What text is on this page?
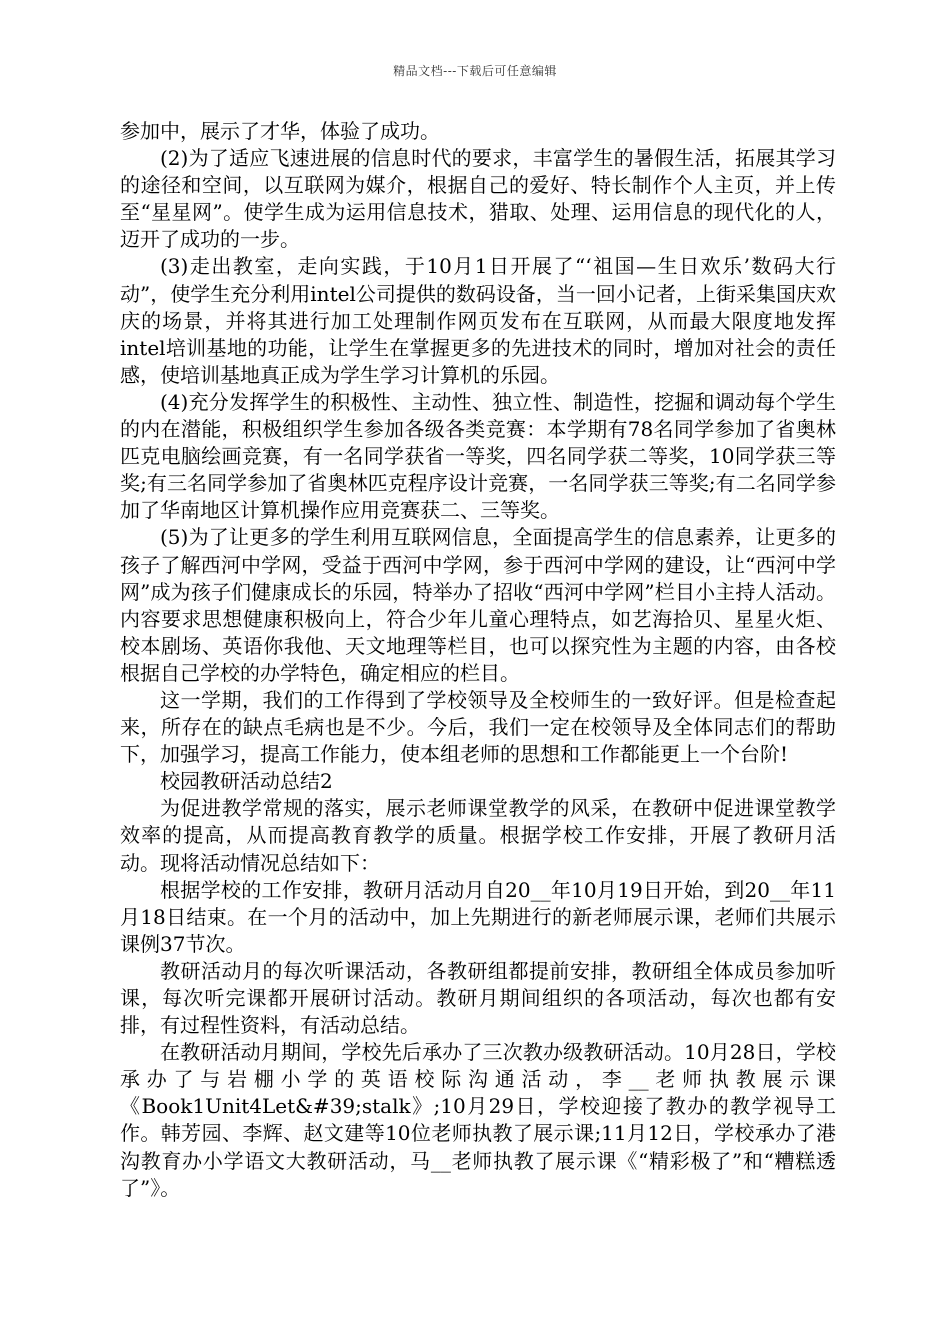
精品文档---下载后可任意编辑

参加中，展示了才华，体验了成功。

(2)为了适应飞速进展的信息时代的要求，丰富学生的暑假生活，拓展其学习的途径和空间，以互联网为媒介，根据自己的爱好、特长制作个人主页，并上传至“星星网”。使学生成为运用信息技术，猎取、处理、运用信息的现代化的人，迈开了成功的一步。

(3)走出教室，走向实践，于10月1日开展了“‘祖国—生日欢乐’数码大行动”，使学生充分利用intel公司提供的数码设备，当一回小记者，上街采集国庆欢庆的场景，并将其进行加工处理制作网页发布在互联网，从而最大限度地发挥intel培训基地的功能，让学生在掌握更多的先进技术的同时，增加对社会的责任感，使培训基地真正成为学生学习计算机的乐园。

(4)充分发挥学生的积极性、主动性、独立性、制造性，挖掘和调动每个学生的内在潜能，积极组织学生参加各级各类竞赛：本学期有78名同学参加了省奥林匹克电脑绘画竞赛，有一名同学获省一等奖，四名同学获二等奖，10同学获三等奖;有三名同学参加了省奥林匹克程序设计竞赛，一名同学获三等奖;有二名同学参加了华南地区计算机操作应用竞赛获二、三等奖。

(5)为了让更多的学生利用互联网信息，全面提高学生的信息素养，让更多的孩子了解西河中学网，受益于西河中学网，参于西河中学网的建设，让“西河中学网”成为孩子们健康成长的乐园，特举办了招收“西河中学网”栏目小主持人活动。内容要求思想健康积极向上，符合少年儿童心理特点，如艺海拾贝、星星火炬、校本剧场、英语你我他、天文地理等栏目，也可以探究性为主题的内容，由各校根据自己学校的办学特色，确定相应的栏目。

这一学期，我们的工作得到了学校领导及全校师生的一致好评。但是检查起来，所存在的缺点毛病也是不少。今后，我们一定在校领导及全体同志们的帮助下，加强学习，提高工作能力，使本组老师的思想和工作都能更上一个台阶!

校园教研活动总结2

为促进教学常规的落实，展示老师课堂教学的风采，在教研中促进课堂教学效率的提高，从而提高教育教学的质量。根据学校工作安排，开展了教研月活动。现将活动情况总结如下：

根据学校的工作安排，教研月活动月自20__年10月19日开始，到20__年11月18日结束。在一个月的活动中，加上先期进行的新老师展示课，老师们共展示课例37节次。

教研活动月的每次听课活动，各教研组都提前安排，教研组全体成员参加听课，每次听完课都开展研讨活动。教研月期间组织的各项活动，每次也都有安排，有过程性资料，有活动总结。

在教研活动月期间，学校先后承办了三次教办级教研活动。10月28日，学校承办了与岩棚小学的英语校际沟通活动，李__老师执教展示课《Book1Unit4Let&#39;stalk》;10月29日，学校迎接了教办的教学视导工作。韩芳园、李辉、赵文建等10位老师执教了展示课;11月12日，学校承办了港沟教育办小学语文大教研活动，马__老师执教了展示课《“精彩极了”和“糟糕透了”》。
